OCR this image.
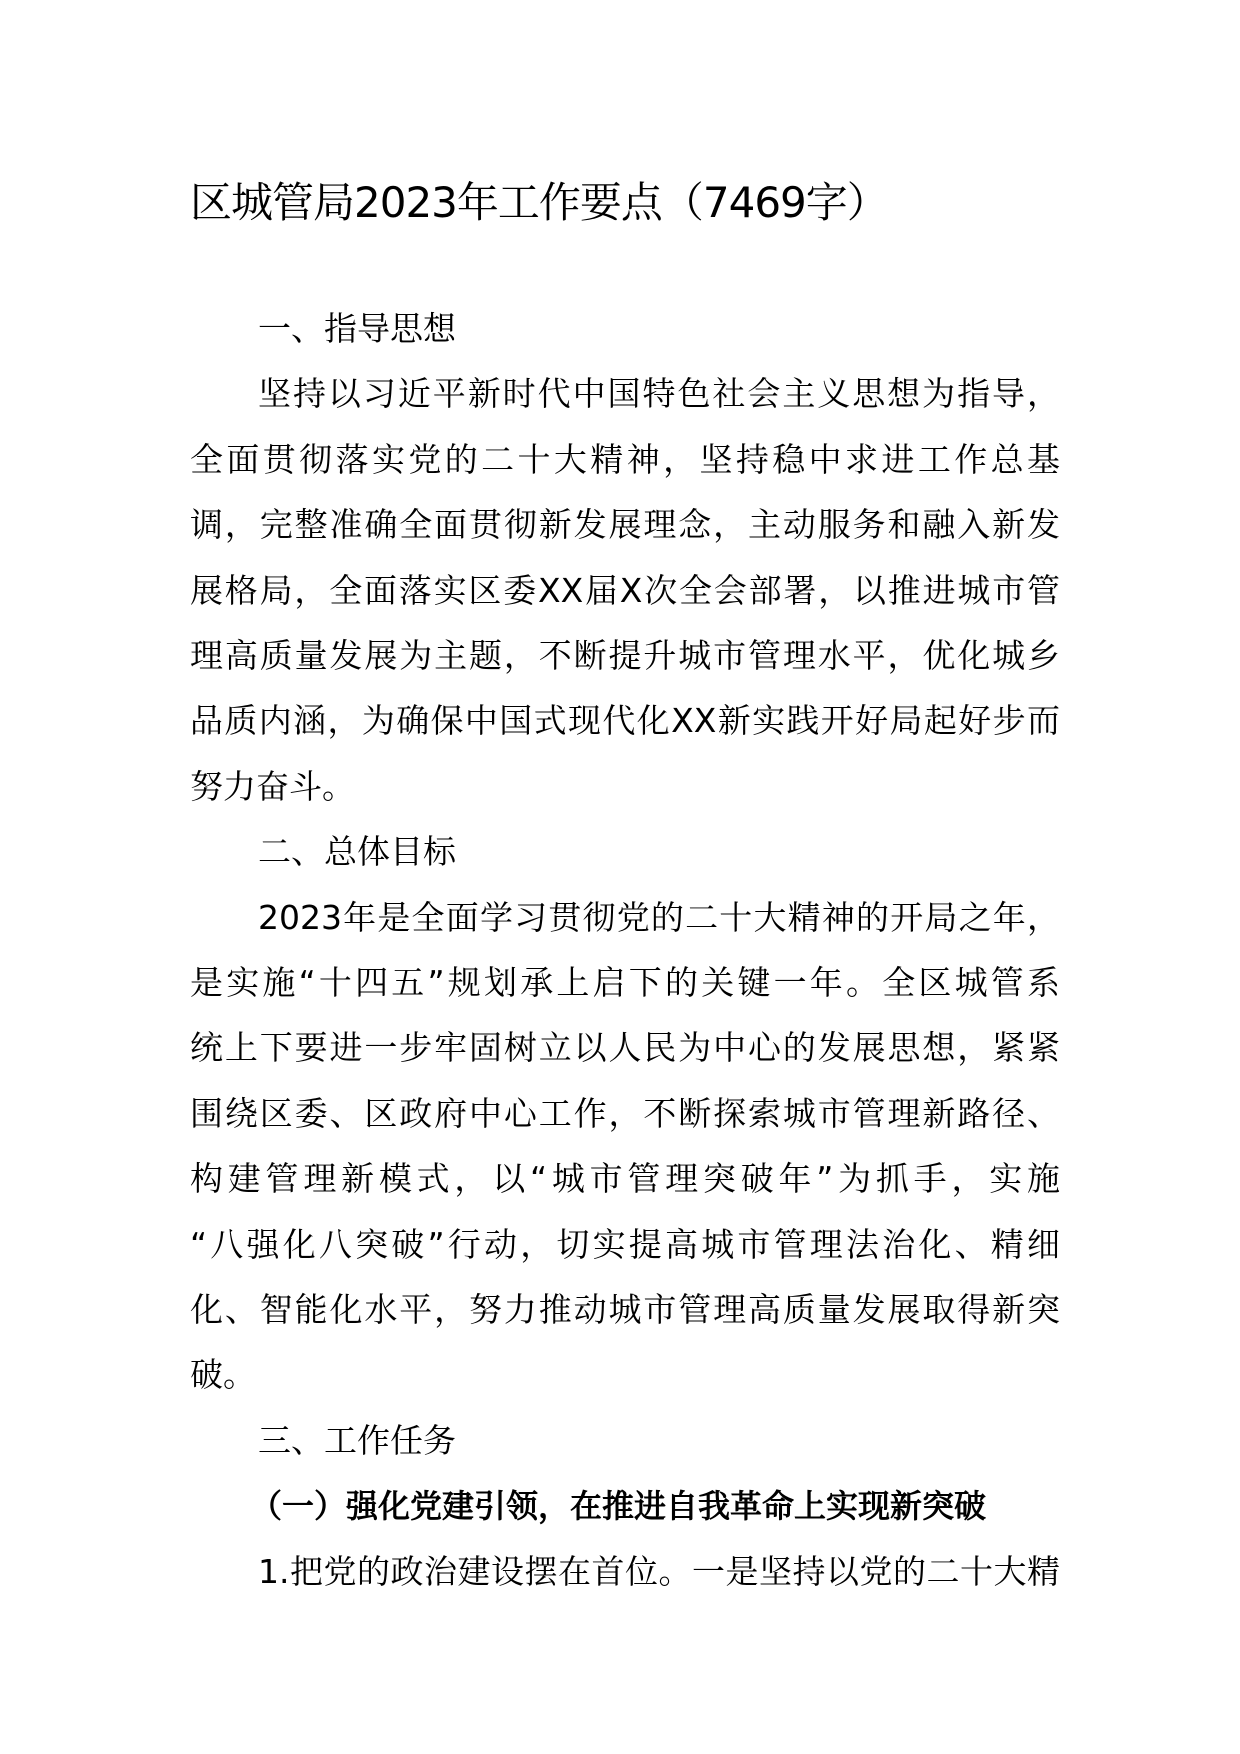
区城管局2023年工作要点（7469字）
一、指导思想
坚持以习近平新时代中国特色社会主义思想为指导，
全面贯彻落实党的二十大精神，坚持稳中求进工作总基
调，完整准确全面贯彻新发展理念，主动服务和融入新发
展格局，全面落实区委XX届X次全会部署，以推进城市管
理高质量发展为主题，不断提升城市管理水平，优化城乡
品质内涵，为确保中国式现代化XX新实践开好局起好步而
努力奋斗。
二、总体目标
2023年是全面学习贯彻党的二十大精神的开局之年，
是实施“十四五”规划承上启下的关键一年。全区城管系
统上下要进一步牢固树立以人民为中心的发展思想，紧紧
围绕区委、区政府中心工作，不断探索城市管理新路径、
构建管理新模式，以“城市管理突破年”为抓手，实施
“八强化八突破”行动，切实提高城市管理法治化、精细
化、智能化水平，努力推动城市管理高质量发展取得新突
破。
三、工作任务
（一）强化党建引领，在推进自我革命上实现新突破
1.把党的政治建设摆在首位。一是坚持以党的二十大精
